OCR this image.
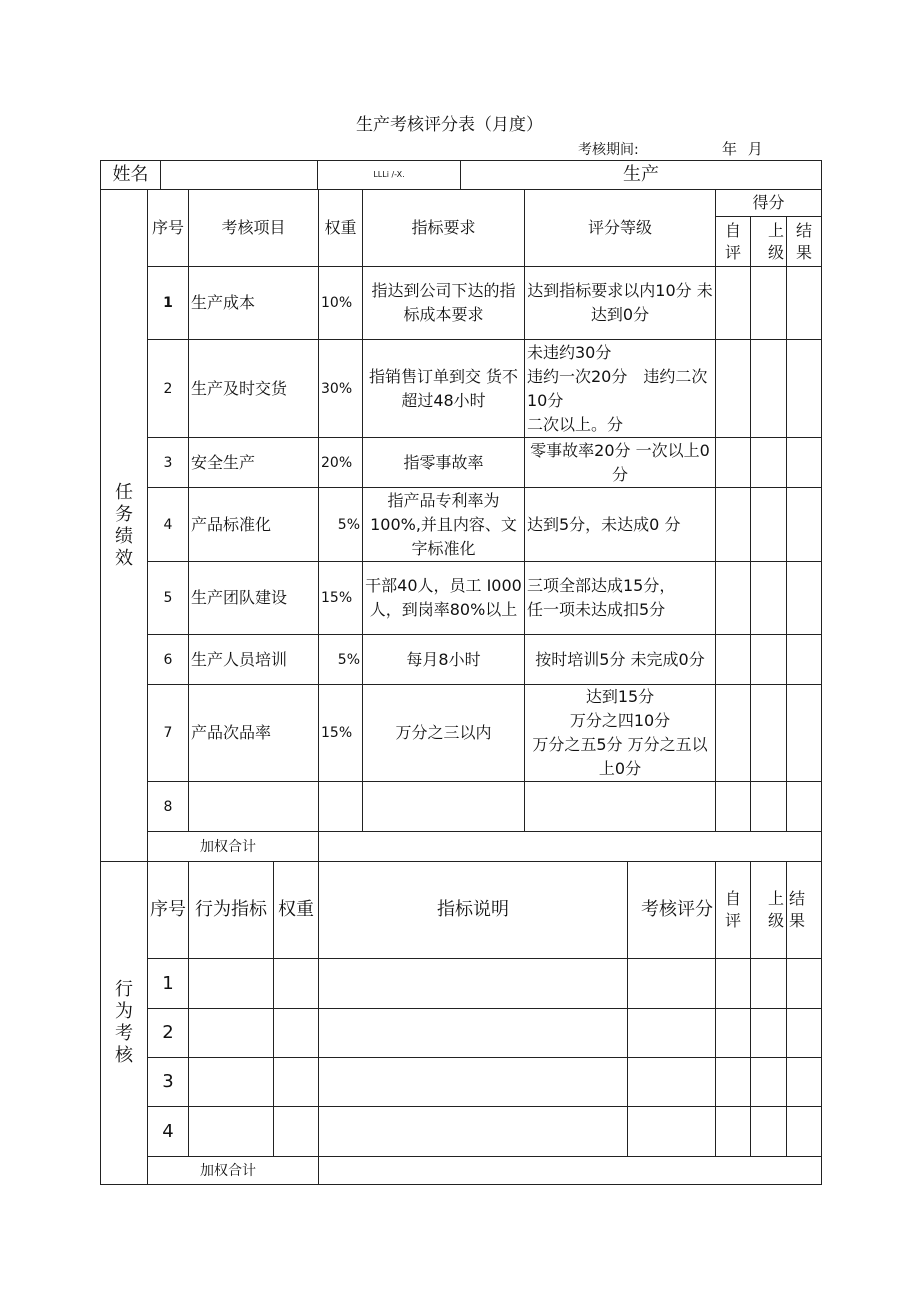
生产考核评分表（月度）
考核期间:	年 月
姓名		LLLi /-X.	生产
任
务
绩
效	序号	考核项目	权重	指标要求	评分等级	得分		
						自评	上级	结果
	1	生产成本	10%	指达到公司下达的指标成本要求	达到指标要求以内10分 未达到0分			
	2	生产及时交货	30%	指销售订单到交 货不超过48小时	未违约30分
违约一次20分　违约二次10分
二次以上。分			
	3	安全生产	20%	指零事故率	零事故率20分 一次以上0分			
	4	产品标准化	5%	指产品专利率为100%,并且内容、文字标准化	达到5分，未达成0 分			
	5	生产团队建设	15%	干部40人，员工 I000人，到岗率80%以上	三项全部达成15分，
任一项未达成扣5分			
	6	生产人员培训	5%	每月8小时	按时培训5分 未完成0分			
	7	产品次品率	15%	万分之三以内	达到15分
万分之四10分
万分之五5分 万分之五以上0分			
	8							
	加权合计							
行
为
考
核	序号	行为指标	权重	指标说明	考核评分	自评	上级	结果
	1							
	2							
	3							
	4							
	加权合计							
